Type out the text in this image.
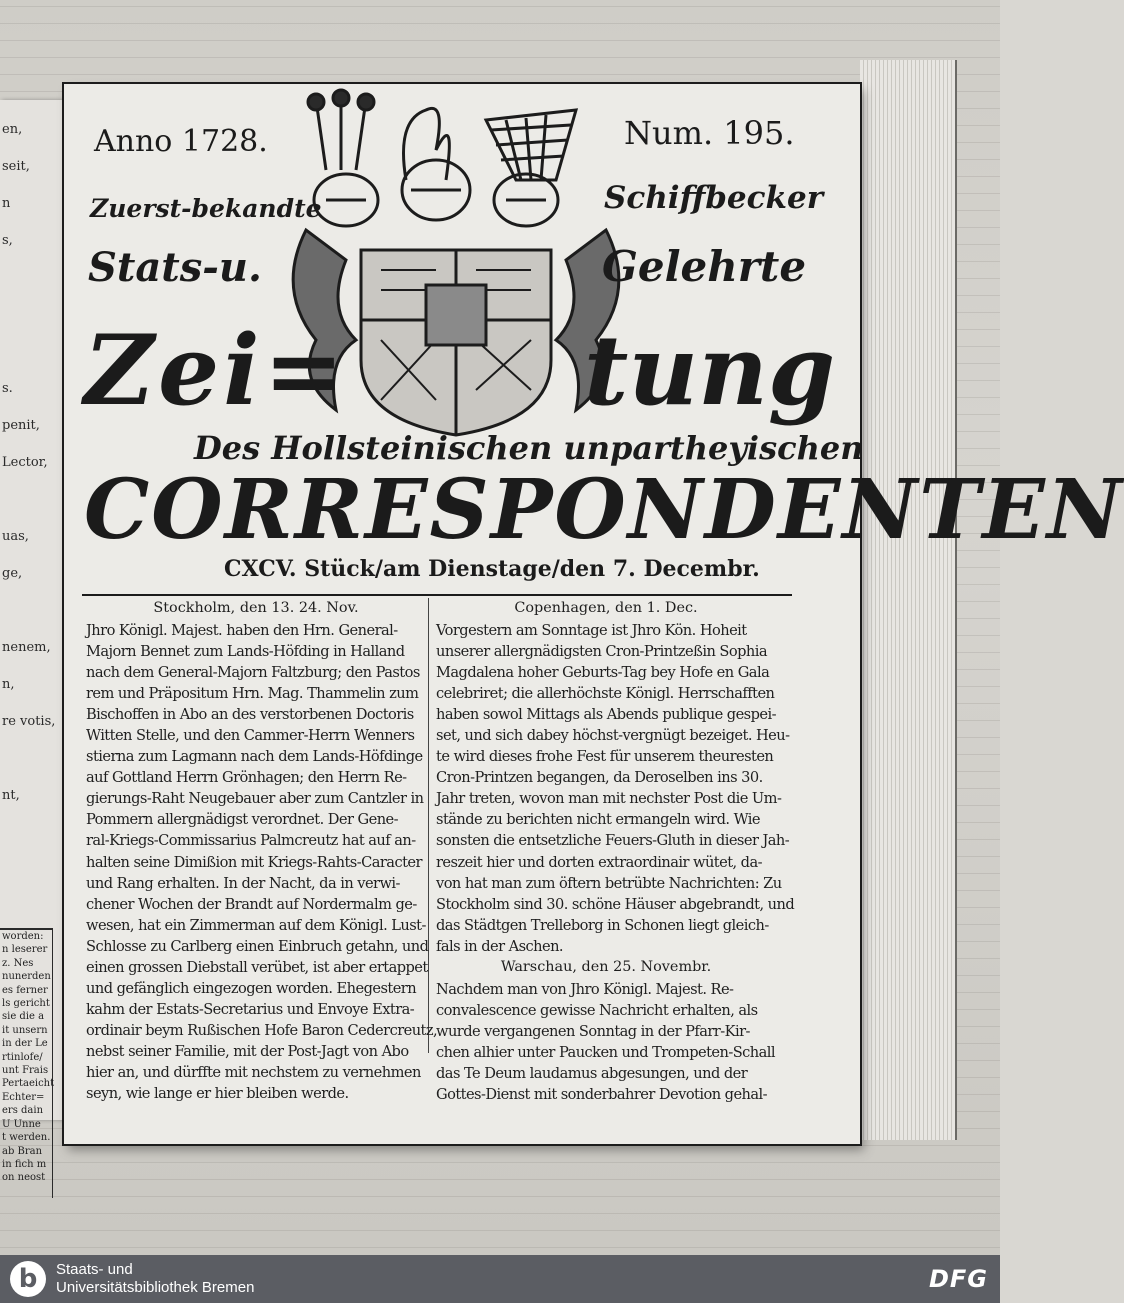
en,
seit,
n
s,
s.
penit,
Lector,
uas,
ge,
nenem,
n,
re votis,
nt,
worden:
n leserer
z. Nes
nunerden
es ferner
ls gericht
sie die a
it unsern
in der Le
rtinlofe/
unt Frais
Pertaeicht
Echter=
ers dain
U Unne
t werden.
ab Bran
in fich m
on neost
Anno 1728.	Num. 195.
Zuerst-bekandte	Schiffbecker
Stats-u.	Gelehrte
Zei= tung
Des Hollsteinischen unpartheyischen
CORRESPONDENTEN
CXCV. Stück/am Dienstage/den 7. Decembr.
Stockholm, den 13. 24. Nov.
Jhro Königl. Majest. haben den Hrn. General-
Majorn Bennet zum Lands-Höfding in Halland
nach dem General-Majorn Faltzburg; den Pastos
rem und Präpositum Hrn. Mag. Thammelin zum
Bischoffen in Abo an des verstorbenen Doctoris
Witten Stelle, und den Cammer-Herrn Wenners
stierna zum Lagmann nach dem Lands-Höfdinge
auf Gottland Herrn Grönhagen; den Herrn Re-
gierungs-Raht Neugebauer aber zum Cantzler in
Pommern allergnädigst verordnet. Der Gene-
ral-Kriegs-Commissarius Palmcreutz hat auf an-
halten seine Dimißion mit Kriegs-Rahts-Caracter
und Rang erhalten. In der Nacht, da in verwi-
chener Wochen der Brandt auf Nordermalm ge-
wesen, hat ein Zimmerman auf dem Königl. Lust-
Schlosse zu Carlberg einen Einbruch getahn, und
einen grossen Diebstall verübet, ist aber ertappet
und gefänglich eingezogen worden. Ehegestern
kahm der Estats-Secretarius und Envoye Extra-
ordinair beym Rußischen Hofe Baron Cedercreutz,
nebst seiner Familie, mit der Post-Jagt von Abo
hier an, und dürffte mit nechstem zu vernehmen
seyn, wie lange er hier bleiben werde.
Copenhagen, den 1. Dec.
Vorgestern am Sonntage ist Jhro Kön. Hoheit
unserer allergnädigsten Cron-Printzeßin Sophia
Magdalena hoher Geburts-Tag bey Hofe en Gala
celebriret; die allerhöchste Königl. Herrschafften
haben sowol Mittags als Abends publique gespei-
set, und sich dabey höchst-vergnügt bezeiget. Heu-
te wird dieses frohe Fest für unserem theuresten
Cron-Printzen begangen, da Deroselben ins 30.
Jahr treten, wovon man mit nechster Post die Um-
stände zu berichten nicht ermangeln wird. Wie
sonsten die entsetzliche Feuers-Gluth in dieser Jah-
reszeit hier und dorten extraordinair wütet, da-
von hat man zum öftern betrübte Nachrichten: Zu
Stockholm sind 30. schöne Häuser abgebrandt, und
das Städtgen Trelleborg in Schonen liegt gleich-
fals in der Aschen.
Warschau, den 25. Novembr.
Nachdem man von Jhro Königl. Majest. Re-
convalescence gewisse Nachricht erhalten, als
wurde vergangenen Sonntag in der Pfarr-Kir-
chen alhier unter Paucken und Trompeten-Schall
das Te Deum laudamus abgesungen, und der
Gottes-Dienst mit sonderbahrer Devotion gehal-
b	Staats- und
Universitätsbibliothek Bremen	DFG
